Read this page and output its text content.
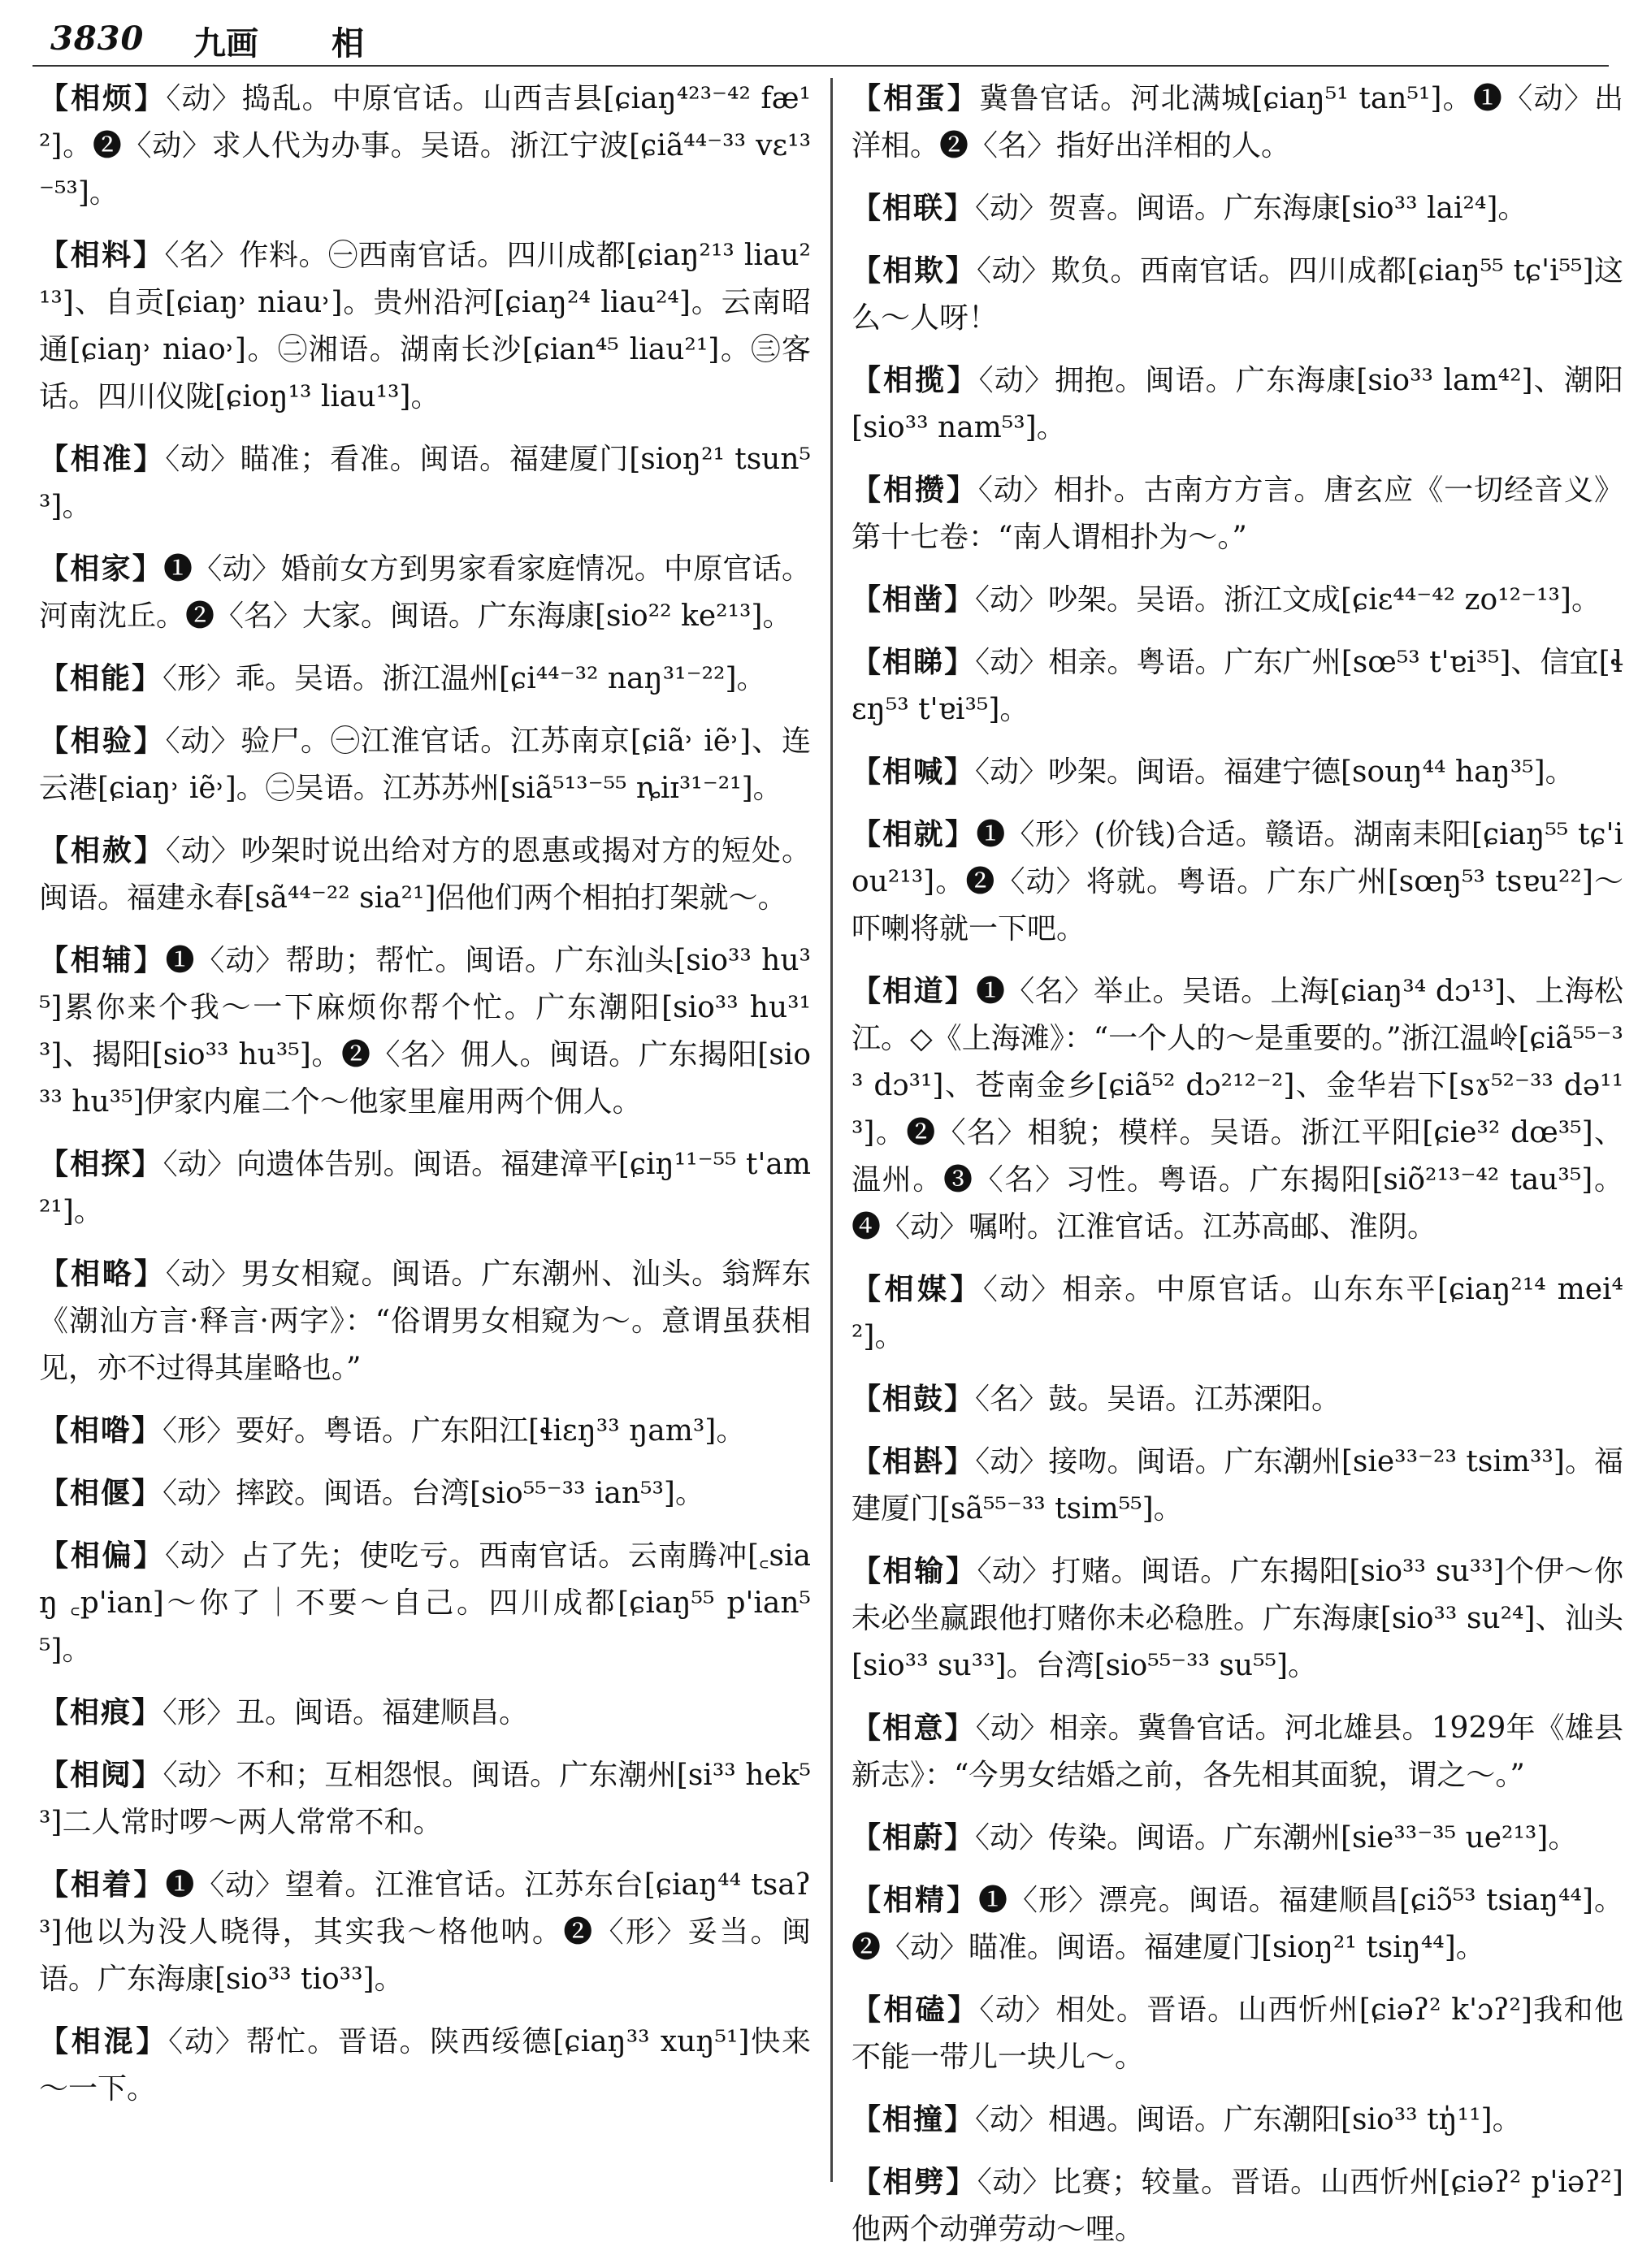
3830 九画 相

【相烦】〈动〉捣乱。中原官话。山西吉县[ɕiaŋ⁴²³⁻⁴² fæ¹²]。❷〈动〉求人代为办事。吴语。浙江宁波[ɕiã⁴⁴⁻³³ vɛ¹³⁻⁵³]。

【相料】〈名〉作料。㊀西南官话。四川成都[ɕiaŋ²¹³ liau²¹³]、自贡[ɕiaŋ˒ niau˒]。贵州沿河[ɕiaŋ²⁴ liau²⁴]。云南昭通[ɕiaŋ˒ niao˒]。㊁湘语。湖南长沙[ɕian⁴⁵ liau²¹]。㊂客话。四川仪陇[ɕioŋ¹³ liau¹³]。

【相准】〈动〉瞄准；看准。闽语。福建厦门[sioŋ²¹ tsun⁵³]。

【相家】❶〈动〉婚前女方到男家看家庭情况。中原官话。河南沈丘。❷〈名〉大家。闽语。广东海康[sio²² ke²¹³]。

【相能】〈形〉乖。吴语。浙江温州[ɕi⁴⁴⁻³² naŋ³¹⁻²²]。

【相验】〈动〉验尸。㊀江淮官话。江苏南京[ɕiã˒ iẽ˒]、连云港[ɕiaŋ˒ iẽ˒]。㊁吴语。江苏苏州[siã⁵¹³⁻⁵⁵ ȵiɪ³¹⁻²¹]。

【相赦】〈动〉吵架时说出给对方的恩惠或揭对方的短处。闽语。福建永春[sã⁴⁴⁻²² sia²¹]侶他们两个相拍打架就～。

【相辅】❶〈动〉帮助；帮忙。闽语。广东汕头[sio³³ hu³⁵]累你来个我～一下麻烦你帮个忙。广东潮阳[sio³³ hu³¹³]、揭阳[sio³³ hu³⁵]。❷〈名〉佣人。闽语。广东揭阳[sio³³ hu³⁵]伊家内雇二个～他家里雇用两个佣人。

【相探】〈动〉向遗体告别。闽语。福建漳平[ɕiŋ¹¹⁻⁵⁵ t'am²¹]。

【相略】〈动〉男女相窥。闽语。广东潮州、汕头。翁辉东《潮汕方言·释言·两字》：“俗谓男女相窥为～。意谓虽获相见，亦不过得其崖略也。”

【相喒】〈形〉要好。粤语。广东阳江[ɬiɛŋ³³ ŋam³]。

【相偃】〈动〉摔跤。闽语。台湾[sio⁵⁵⁻³³ ian⁵³]。

【相偏】〈动〉占了先；使吃亏。西南官话。云南腾冲[꜀siaŋ ꜀p'ian]～你了｜不要～自己。四川成都[ɕiaŋ⁵⁵ p'ian⁵⁵]。

【相痕】〈形〉丑。闽语。福建顺昌。

【相阋】〈动〉不和；互相怨恨。闽语。广东潮州[si³³ hek⁵³]二人常时啰～两人常常不和。

【相着】❶〈动〉望着。江淮官话。江苏东台[ɕiaŋ⁴⁴ tsaʔ³]他以为没人晓得，其实我～格他呐。❷〈形〉妥当。闽语。广东海康[sio³³ tio³³]。

【相混】〈动〉帮忙。晋语。陕西绥德[ɕiaŋ³³ xuŋ⁵¹]快来～一下。

【相蛋】冀鲁官话。河北满城[ɕiaŋ⁵¹ tan⁵¹]。❶〈动〉出洋相。❷〈名〉指好出洋相的人。

【相联】〈动〉贺喜。闽语。广东海康[sio³³ lai²⁴]。

【相欺】〈动〉欺负。西南官话。四川成都[ɕiaŋ⁵⁵ tɕ'i⁵⁵]这么～人呀！

【相揽】〈动〉拥抱。闽语。广东海康[sio³³ lam⁴²]、潮阳[sio³³ nam⁵³]。

【相攒】〈动〉相扑。古南方方言。唐玄应《一切经音义》第十七卷：“南人谓相扑为～。”

【相凿】〈动〉吵架。吴语。浙江文成[ɕiɛ⁴⁴⁻⁴² zo¹²⁻¹³]。

【相睇】〈动〉相亲。粤语。广东广州[sœ⁵³ t'ɐi³⁵]、信宜[ɬɛŋ⁵³ t'ɐi³⁵]。

【相喊】〈动〉吵架。闽语。福建宁德[souŋ⁴⁴ haŋ³⁵]。

【相就】❶〈形〉(价钱)合适。赣语。湖南耒阳[ɕiaŋ⁵⁵ tɕ'iou²¹³]。❷〈动〉将就。粤语。广东广州[sœŋ⁵³ tsɐu²²]～吓喇将就一下吧。

【相道】❶〈名〉举止。吴语。上海[ɕiaŋ³⁴ dɔ¹³]、上海松江。◇《上海滩》：“一个人的～是重要的。”浙江温岭[ɕiã⁵⁵⁻³³ dɔ³¹]、苍南金乡[ɕiã⁵² dɔ²¹²⁻²]、金华岩下[sɤ⁵²⁻³³ də¹¹³]。❷〈名〉相貌；模样。吴语。浙江平阳[ɕie³² dœ³⁵]、温州。❸〈名〉习性。粤语。广东揭阳[siõ²¹³⁻⁴² tau³⁵]。❹〈动〉嘱咐。江淮官话。江苏高邮、淮阴。

【相媒】〈动〉相亲。中原官话。山东东平[ɕiaŋ²¹⁴ mei⁴²]。

【相鼓】〈名〉鼓。吴语。江苏溧阳。

【相斟】〈动〉接吻。闽语。广东潮州[sie³³⁻²³ tsim³³]。福建厦门[sã⁵⁵⁻³³ tsim⁵⁵]。

【相输】〈动〉打赌。闽语。广东揭阳[sio³³ su³³]个伊～你未必坐赢跟他打赌你未必稳胜。广东海康[sio³³ su²⁴]、汕头[sio³³ su³³]。台湾[sio⁵⁵⁻³³ su⁵⁵]。

【相意】〈动〉相亲。冀鲁官话。河北雄县。1929年《雄县新志》：“今男女结婚之前，各先相其面貌，谓之～。”

【相蔚】〈动〉传染。闽语。广东潮州[sie³³⁻³⁵ ue²¹³]。

【相精】❶〈形〉漂亮。闽语。福建顺昌[ɕiɔ̃⁵³ tsiaŋ⁴⁴]。❷〈动〉瞄准。闽语。福建厦门[sioŋ²¹ tsiŋ⁴⁴]。

【相磕】〈动〉相处。晋语。山西忻州[ɕiəʔ² k'ɔʔ²]我和他不能一带儿一块儿～。

【相撞】〈动〉相遇。闽语。广东潮阳[sio³³ tŋ̍¹¹]。

【相劈】〈动〉比赛；较量。晋语。山西忻州[ɕiəʔ² p'iəʔ²]他两个动弹劳动～哩。
